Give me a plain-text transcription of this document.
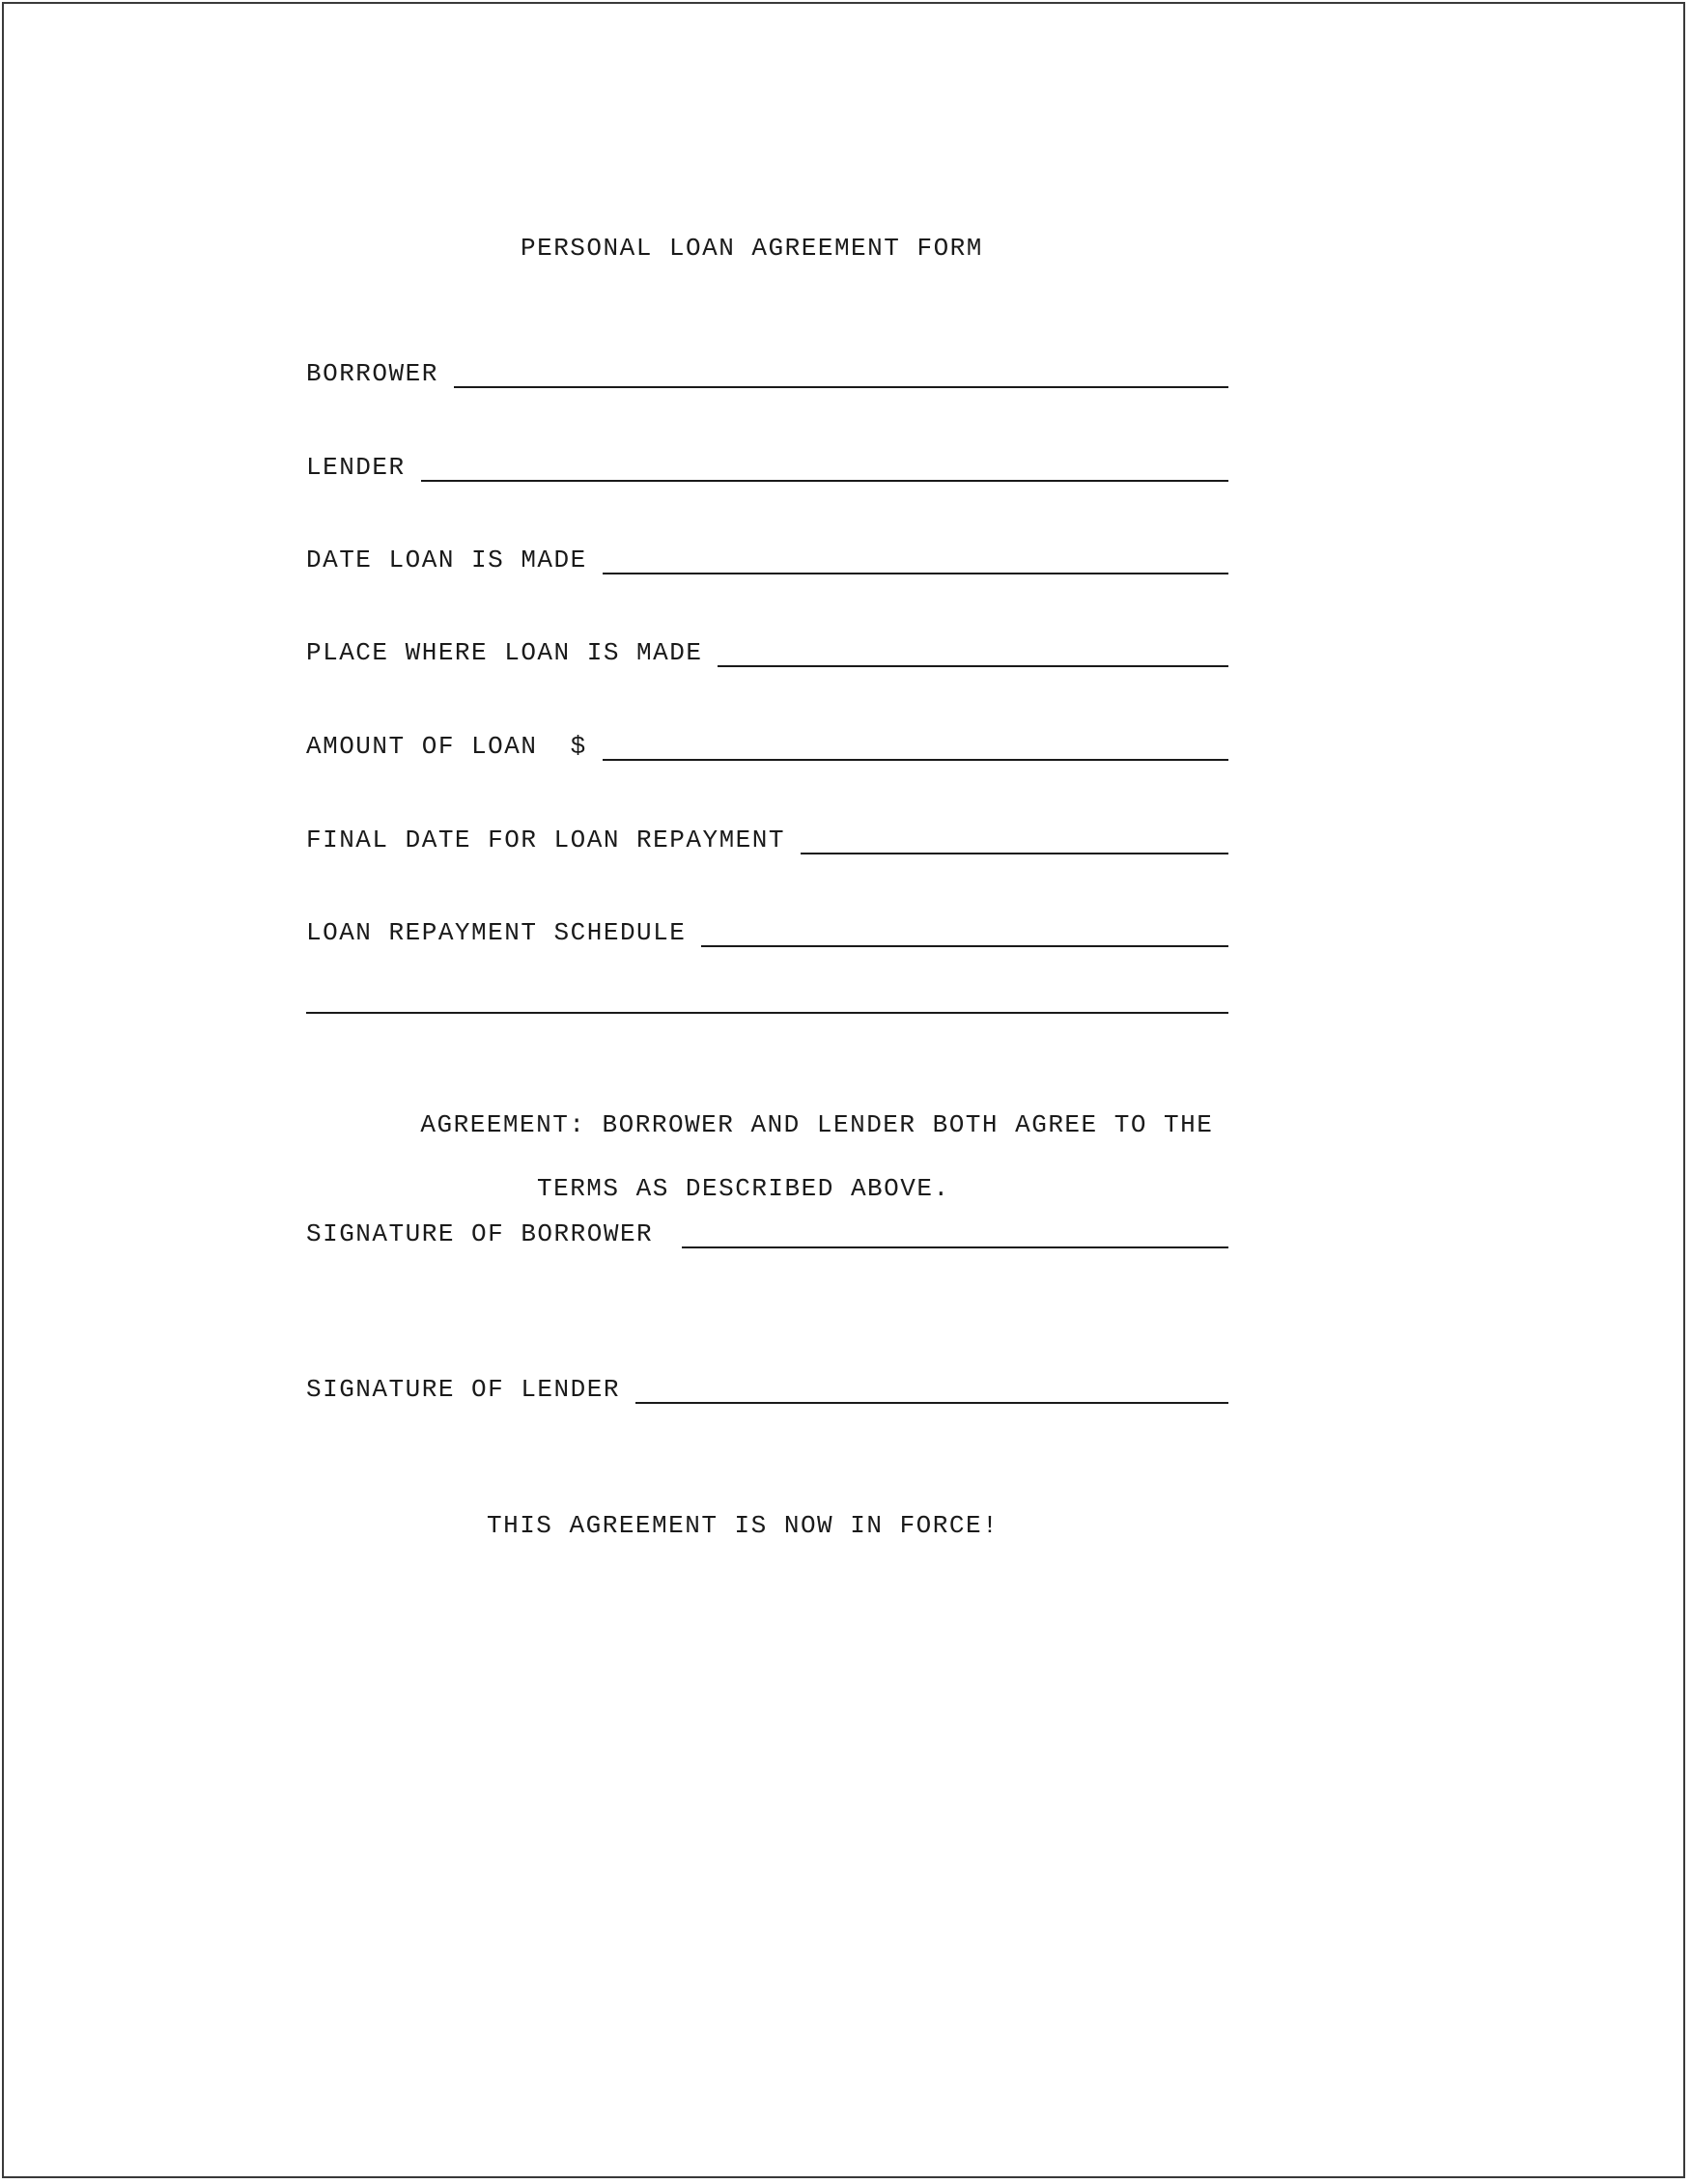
PERSONAL LOAN AGREEMENT FORM
BORROWER
LENDER
DATE LOAN IS MADE
PLACE WHERE LOAN IS MADE
AMOUNT OF LOAN  $
FINAL DATE FOR LOAN REPAYMENT
LOAN REPAYMENT SCHEDULE

AGREEMENT: BORROWER AND LENDER BOTH AGREE TO THE

TERMS AS DESCRIBED ABOVE.

SIGNATURE OF BORROWER
SIGNATURE OF LENDER
THIS AGREEMENT IS NOW IN FORCE!
